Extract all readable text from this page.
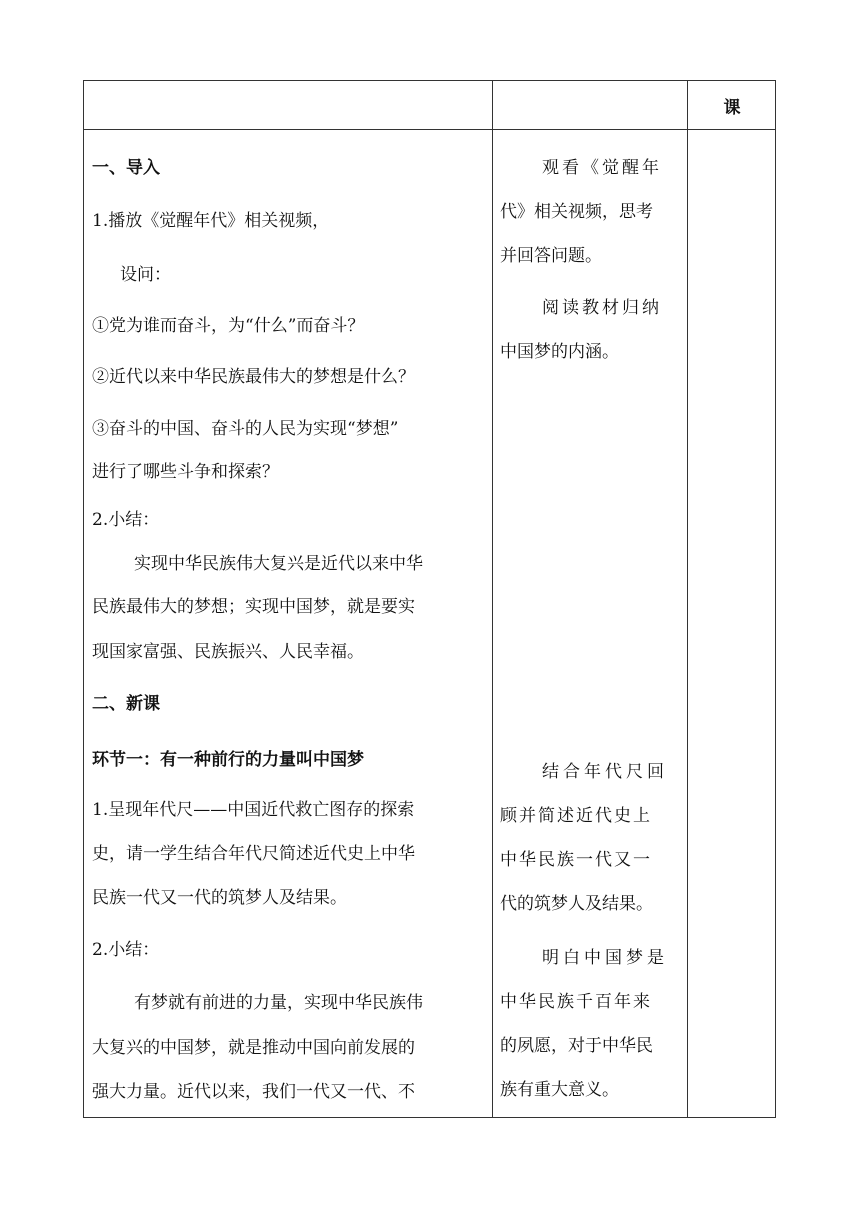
课
一、导入
1.播放《觉醒年代》相关视频，
设问：
①党为谁而奋斗，为“什么”而奋斗？
②近代以来中华民族最伟大的梦想是什么？
③奋斗的中国、奋斗的人民为实现“梦想”
进行了哪些斗争和探索？
2.小结：
实现中华民族伟大复兴是近代以来中华
民族最伟大的梦想；实现中国梦，就是要实
现国家富强、民族振兴、人民幸福。
二、新课
环节一：有一种前行的力量叫中国梦
1.呈现年代尺——中国近代救亡图存的探索
史，请一学生结合年代尺简述近代史上中华
民族一代又一代的筑梦人及结果。
2.小结：
有梦就有前进的力量，实现中华民族伟
大复兴的中国梦，就是推动中国向前发展的
强大力量。近代以来，我们一代又一代、不
观看《觉醒年
代》相关视频，思考
并回答问题。
阅读教材归纳
中国梦的内涵。
结合年代尺回
顾并简述近代史上
中华民族一代又一
代的筑梦人及结果。
明白中国梦是
中华民族千百年来
的夙愿，对于中华民
族有重大意义。
